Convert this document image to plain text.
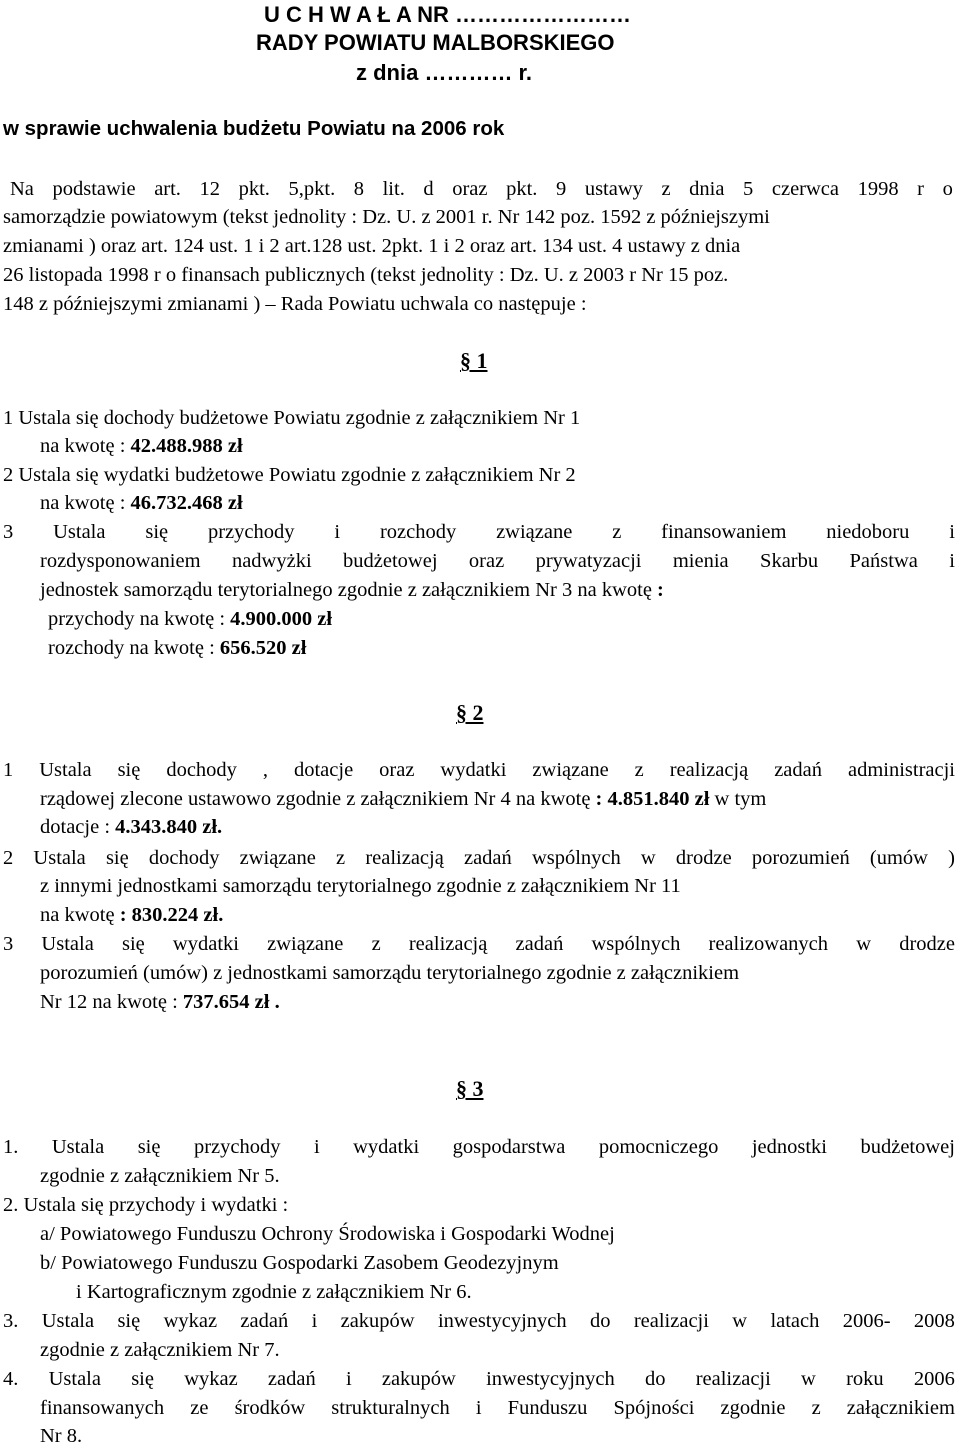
U C H W A Ł A NR ……………………
RADY POWIATU MALBORSKIEGO
z dnia ………… r.
w sprawie uchwalenia budżetu Powiatu na 2006 rok
Na podstawie art. 12 pkt. 5,pkt. 8 lit. d oraz pkt. 9 ustawy z dnia 5 czerwca 1998 r o
samorządzie powiatowym (tekst jednolity : Dz. U. z 2001 r. Nr 142 poz. 1592 z późniejszymi
zmianami ) oraz art. 124 ust. 1 i 2 art.128 ust. 2pkt. 1 i 2 oraz art. 134 ust. 4 ustawy z dnia
26 listopada 1998 r o finansach publicznych (tekst jednolity : Dz. U. z 2003 r Nr 15 poz.
148 z późniejszymi zmianami ) – Rada Powiatu uchwala co następuje :
§ 1
1 Ustala się dochody budżetowe Powiatu zgodnie z załącznikiem Nr 1
na kwotę : 42.488.988 zł
2 Ustala się wydatki budżetowe Powiatu zgodnie z załącznikiem Nr 2
na kwotę : 46.732.468 zł
3 Ustala się przychody i rozchody związane z finansowaniem niedoboru i
rozdysponowaniem nadwyżki budżetowej oraz prywatyzacji mienia Skarbu Państwa i
jednostek samorządu terytorialnego zgodnie z załącznikiem Nr 3 na kwotę :
przychody na kwotę : 4.900.000 zł
rozchody na kwotę : 656.520 zł
§ 2
1 Ustala się dochody , dotacje oraz wydatki związane z realizacją zadań administracji
rządowej zlecone ustawowo zgodnie z załącznikiem Nr 4 na kwotę : 4.851.840 zł w tym
dotacje : 4.343.840 zł.
2 Ustala się dochody związane z realizacją zadań wspólnych w drodze porozumień (umów )
z innymi jednostkami samorządu terytorialnego zgodnie z załącznikiem Nr 11
na kwotę : 830.224 zł.
3 Ustala się wydatki związane z realizacją zadań wspólnych realizowanych w drodze
porozumień (umów) z jednostkami samorządu terytorialnego zgodnie z załącznikiem
Nr 12 na kwotę : 737.654 zł .
§ 3
1. Ustala się przychody i wydatki gospodarstwa pomocniczego jednostki budżetowej
zgodnie z załącznikiem Nr 5.
2. Ustala się przychody i wydatki :
a/ Powiatowego Funduszu Ochrony Środowiska i Gospodarki Wodnej
b/ Powiatowego Funduszu Gospodarki Zasobem Geodezyjnym
i Kartograficznym zgodnie z załącznikiem Nr 6.
3. Ustala się wykaz zadań i zakupów inwestycyjnych do realizacji w latach 2006- 2008
zgodnie z załącznikiem Nr 7.
4. Ustala się wykaz zadań i zakupów inwestycyjnych do realizacji w roku 2006
finansowanych ze środków strukturalnych i Funduszu Spójności zgodnie z załącznikiem
Nr 8.
